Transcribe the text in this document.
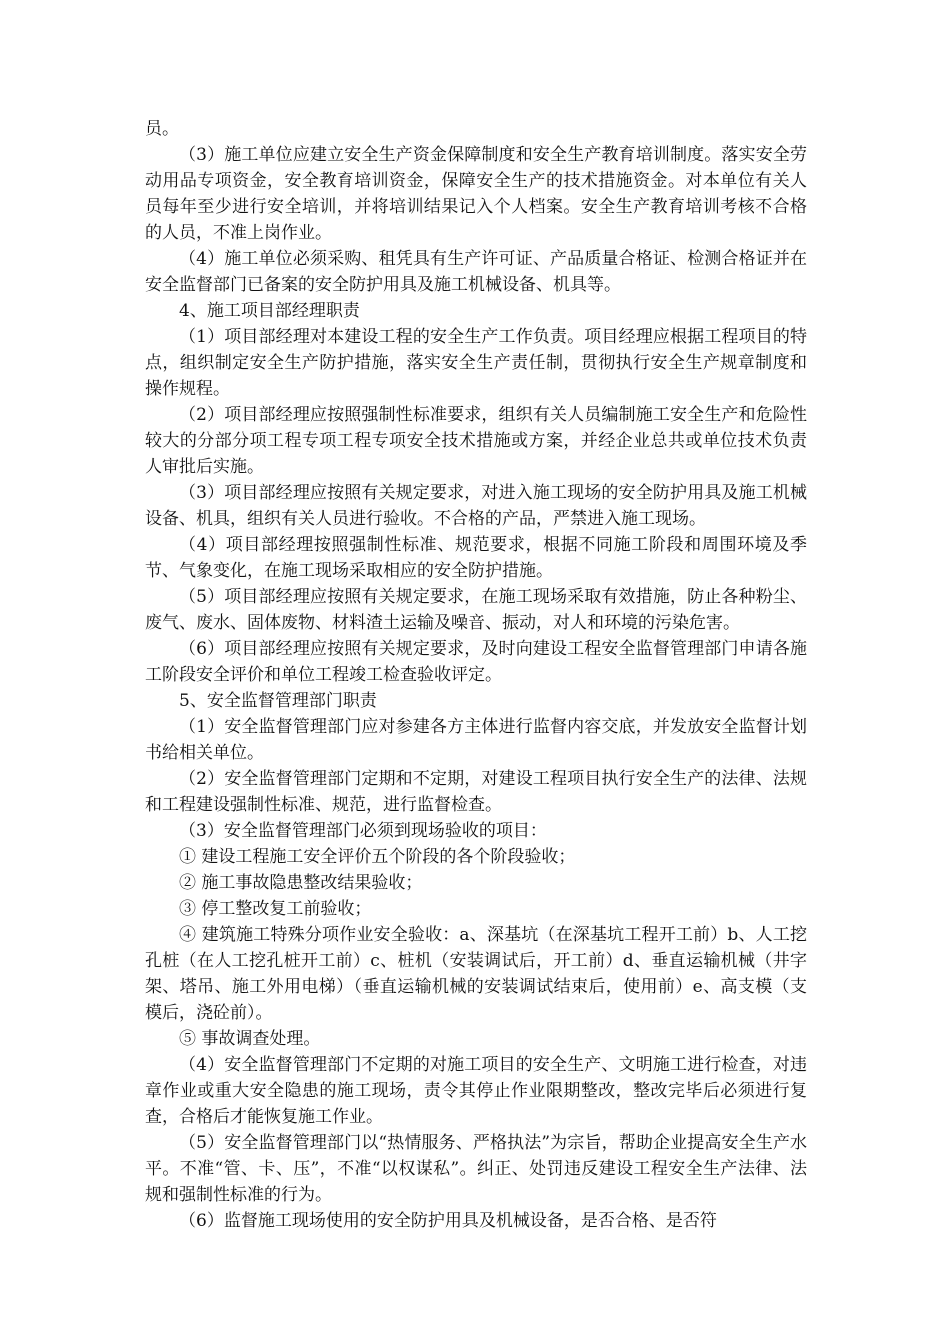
员。

（3）施工单位应建立安全生产资金保障制度和安全生产教育培训制度。落实安全劳动用品专项资金，安全教育培训资金，保障安全生产的技术措施资金。对本单位有关人员每年至少进行安全培训，并将培训结果记入个人档案。安全生产教育培训考核不合格的人员，不准上岗作业。

（4）施工单位必须采购、租凭具有生产许可证、产品质量合格证、检测合格证并在安全监督部门已备案的安全防护用具及施工机械设备、机具等。

4、施工项目部经理职责

（1）项目部经理对本建设工程的安全生产工作负责。项目经理应根据工程项目的特点，组织制定安全生产防护措施，落实安全生产责任制，贯彻执行安全生产规章制度和操作规程。

（2）项目部经理应按照强制性标准要求，组织有关人员编制施工安全生产和危险性较大的分部分项工程专项工程专项安全技术措施或方案，并经企业总共或单位技术负责人审批后实施。

（3）项目部经理应按照有关规定要求，对进入施工现场的安全防护用具及施工机械设备、机具，组织有关人员进行验收。不合格的产品，严禁进入施工现场。

（4）项目部经理按照强制性标准、规范要求，根据不同施工阶段和周围环境及季节、气象变化，在施工现场采取相应的安全防护措施。

（5）项目部经理应按照有关规定要求，在施工现场采取有效措施，防止各种粉尘、废气、废水、固体废物、材料渣土运输及噪音、振动，对人和环境的污染危害。

（6）项目部经理应按照有关规定要求，及时向建设工程安全监督管理部门申请各施工阶段安全评价和单位工程竣工检查验收评定。

5、安全监督管理部门职责

（1）安全监督管理部门应对参建各方主体进行监督内容交底，并发放安全监督计划书给相关单位。

（2）安全监督管理部门定期和不定期，对建设工程项目执行安全生产的法律、法规和工程建设强制性标准、规范，进行监督检查。

（3）安全监督管理部门必须到现场验收的项目：

① 建设工程施工安全评价五个阶段的各个阶段验收；

② 施工事故隐患整改结果验收；

③ 停工整改复工前验收；

④ 建筑施工特殊分项作业安全验收：a、深基坑（在深基坑工程开工前）b、人工挖孔桩（在人工挖孔桩开工前）c、桩机（安装调试后，开工前）d、垂直运输机械（井字架、塔吊、施工外用电梯）（垂直运输机械的安装调试结束后，使用前）e、高支模（支模后，浇砼前）。

⑤ 事故调查处理。

（4）安全监督管理部门不定期的对施工项目的安全生产、文明施工进行检查，对违章作业或重大安全隐患的施工现场，责令其停止作业限期整改，整改完毕后必须进行复查，合格后才能恢复施工作业。

（5）安全监督管理部门以“热情服务、严格执法”为宗旨，帮助企业提高安全生产水平。不准“管、卡、压”，不准“以权谋私”。纠正、处罚违反建设工程安全生产法律、法规和强制性标准的行为。

（6）监督施工现场使用的安全防护用具及机械设备，是否合格、是否符
